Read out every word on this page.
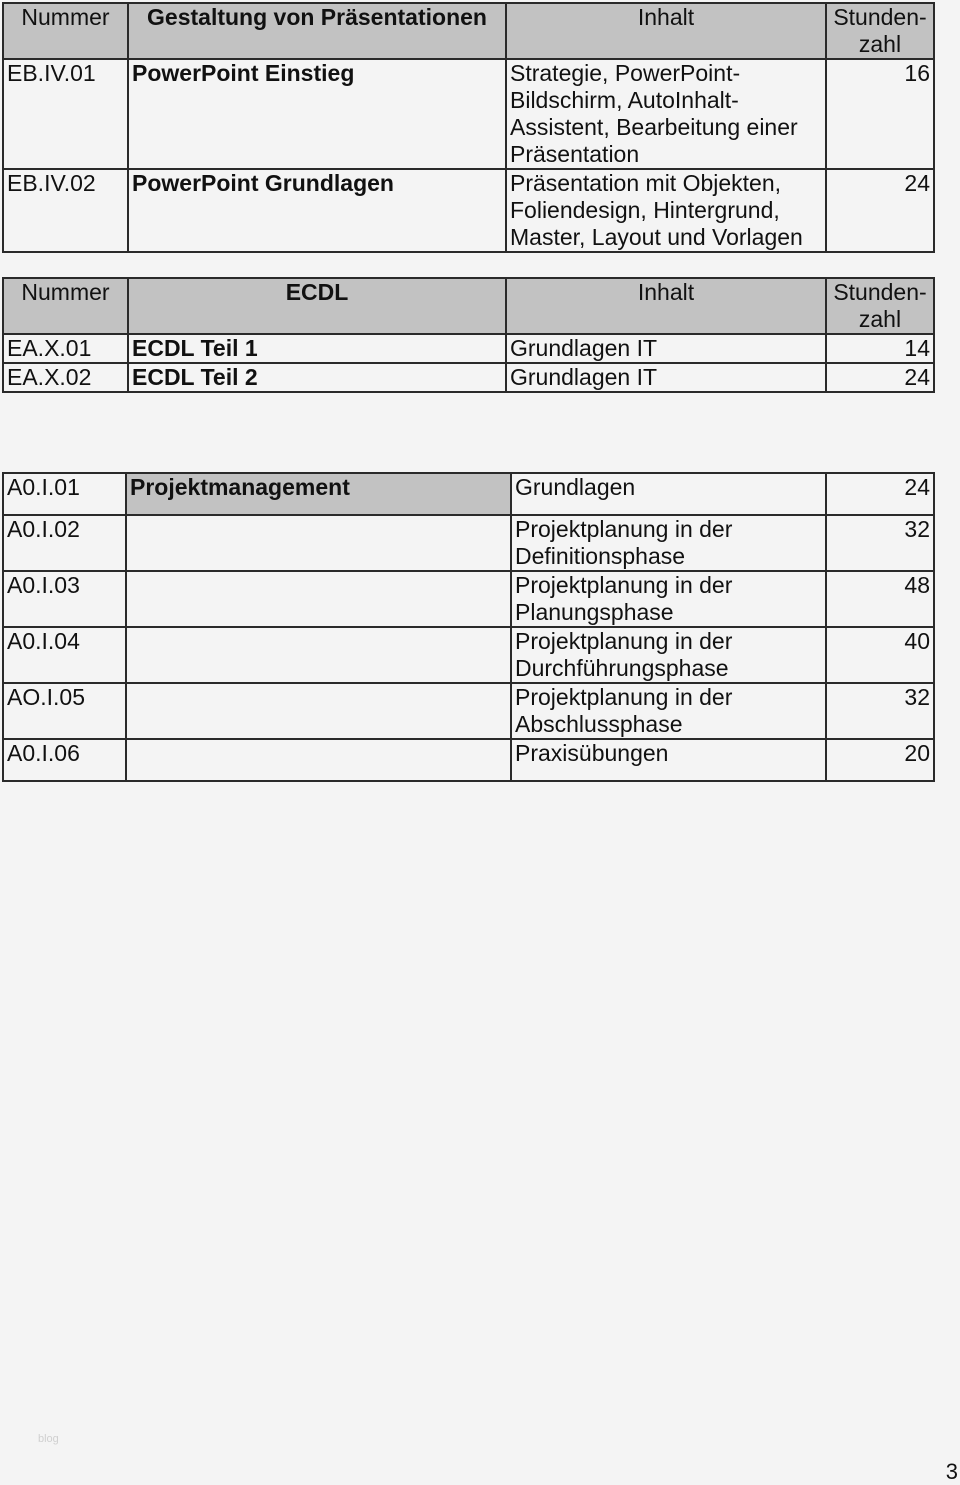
Nummer	Gestaltung von Präsentationen	Inhalt	Stunden-
zahl
EB.IV.01	PowerPoint Einstieg	Strategie, PowerPoint-
Bildschirm, AutoInhalt-
Assistent, Bearbeitung einer
Präsentation	16
EB.IV.02	PowerPoint Grundlagen	Präsentation mit Objekten,
Foliendesign, Hintergrund,
Master, Layout und Vorlagen	24
Nummer	ECDL	Inhalt	Stunden-
zahl
EA.X.01	ECDL Teil 1	Grundlagen IT	14
EA.X.02	ECDL Teil 2	Grundlagen IT	24
A0.I.01	Projektmanagement	Grundlagen	24
A0.I.02		Projektplanung in der
Definitionsphase	32
A0.I.03		Projektplanung in der
Planungsphase	48
A0.I.04		Projektplanung in der
Durchführungsphase	40
AO.I.05		Projektplanung in der
Abschlussphase	32
A0.I.06		Praxisübungen	20
blog
3
